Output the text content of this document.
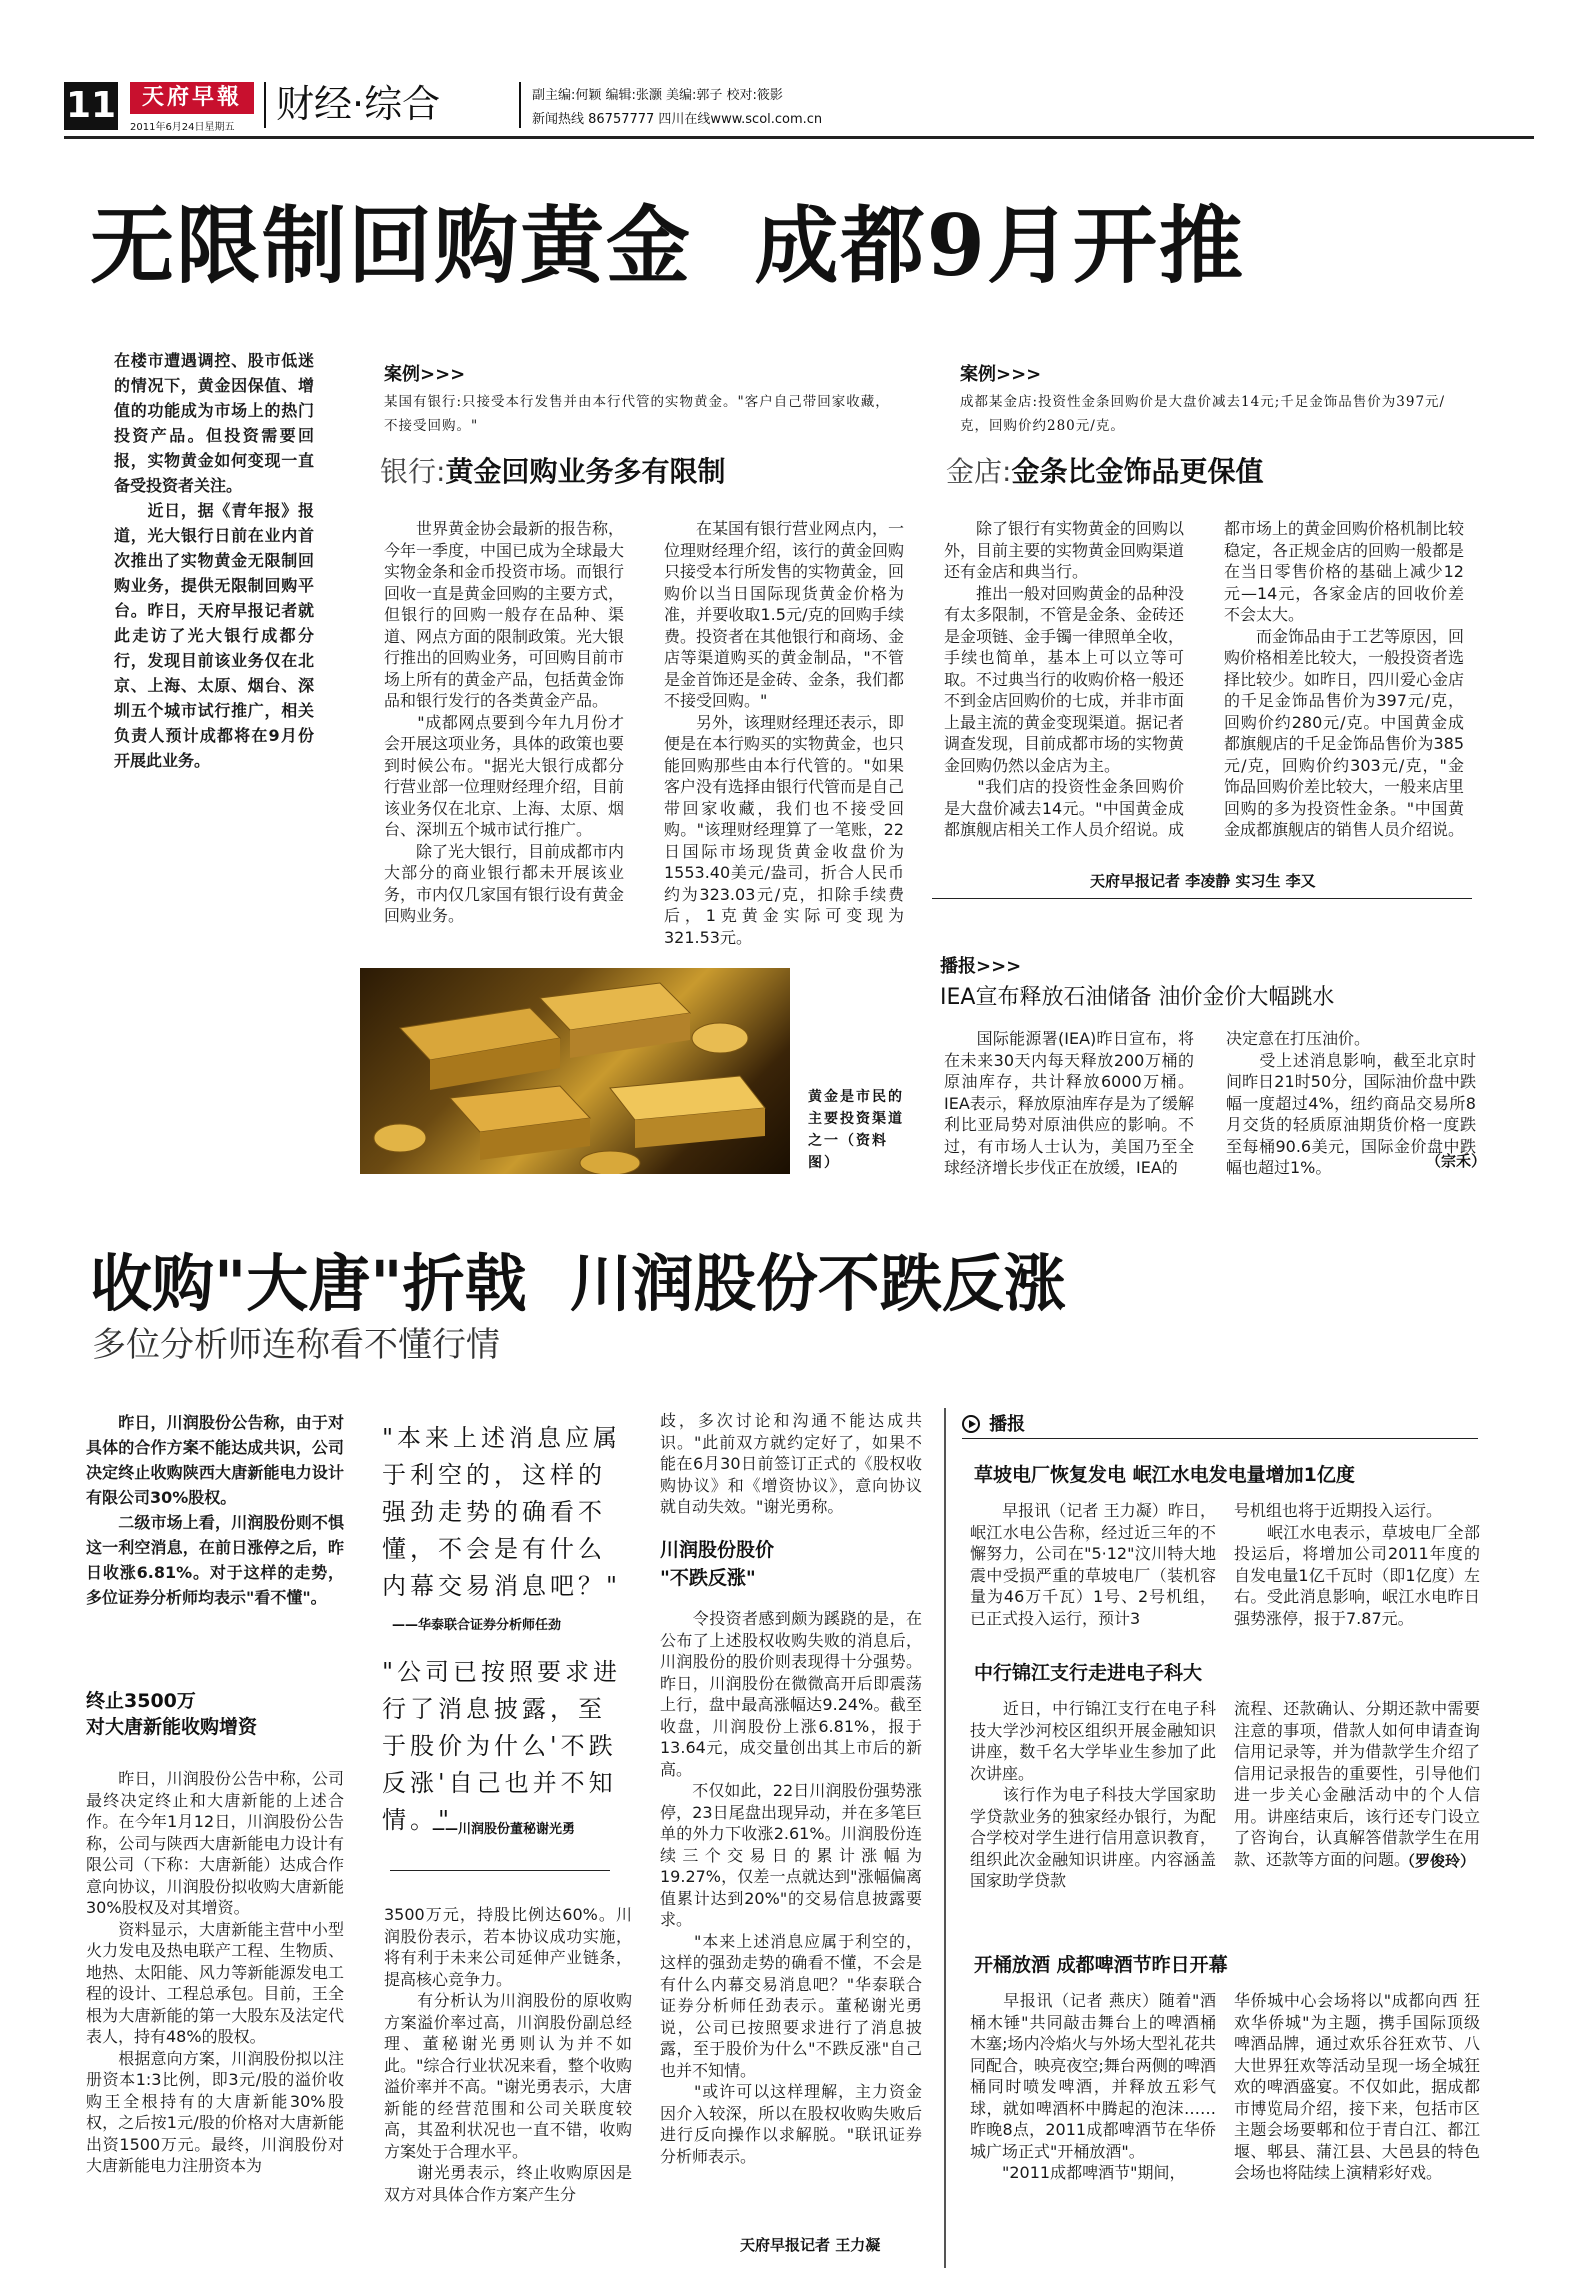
11	天府早報
2011年6月24日星期五
财经·综合	副主编:何颖 编辑:张灏 美编:郭子 校对:筱影
新闻热线 86757777 四川在线www.scol.com.cn
无限制回购黄金  成都9月开推

在楼市遭遇调控、股市低迷的情况下，黄金因保值、增值的功能成为市场上的热门投资产品。但投资需要回报，实物黄金如何变现一直备受投资者关注。
　　近日，据《青年报》报道，光大银行日前在业内首次推出了实物黄金无限制回购业务，提供无限制回购平台。昨日，天府早报记者就此走访了光大银行成都分行，发现目前该业务仅在北京、上海、太原、烟台、深圳五个城市试行推广，相关负责人预计成都将在9月份开展此业务。

案例>>>
某国有银行:只接受本行发售并由本行代管的实物黄金。"客户自己带回家收藏，不接受回购。"
银行:黄金回购业务多有限制

　　世界黄金协会最新的报告称，今年一季度，中国已成为全球最大实物金条和金币投资市场。而银行回收一直是黄金回购的主要方式，但银行的回购一般存在品种、渠道、网点方面的限制政策。光大银行推出的回购业务，可回购目前市场上所有的黄金产品，包括黄金饰品和银行发行的各类黄金产品。
　　"成都网点要到今年九月份才会开展这项业务，具体的政策也要到时候公布。"据光大银行成都分行营业部一位理财经理介绍，目前该业务仅在北京、上海、太原、烟台、深圳五个城市试行推广。
　　除了光大银行，目前成都市内大部分的商业银行都未开展该业务，市内仅几家国有银行设有黄金回购业务。

　　在某国有银行营业网点内，一位理财经理介绍，该行的黄金回购只接受本行所发售的实物黄金，回购价以当日国际现货黄金价格为准，并要收取1.5元/克的回购手续费。投资者在其他银行和商场、金店等渠道购买的黄金制品，"不管是金首饰还是金砖、金条，我们都不接受回购。"
　　另外，该理财经理还表示，即便是在本行购买的实物黄金，也只能回购那些由本行代管的。"如果客户没有选择由银行代管而是自己带回家收藏，我们也不接受回购。"该理财经理算了一笔账，22日国际市场现货黄金收盘价为1553.40美元/盎司，折合人民币约为323.03元/克，扣除手续费后，1克黄金实际可变现为321.53元。

案例>>>
成都某金店:投资性金条回购价是大盘价减去14元;千足金饰品售价为397元/克，回购价约280元/克。
金店:金条比金饰品更保值

　　除了银行有实物黄金的回购以外，目前主要的实物黄金回购渠道还有金店和典当行。
　　推出一般对回购黄金的品种没有太多限制，不管是金条、金砖还是金项链、金手镯一律照单全收，手续也简单，基本上可以立等可取。不过典当行的收购价格一般还不到金店回购价的七成，并非市面上最主流的黄金变现渠道。据记者调查发现，目前成都市场的实物黄金回购仍然以金店为主。
　　"我们店的投资性金条回购价是大盘价减去14元。"中国黄金成都旗舰店相关工作人员介绍说。成

都市场上的黄金回购价格机制比较稳定，各正规金店的回购一般都是在当日零售价格的基础上减少12元—14元，各家金店的回收价差不会太大。
　　而金饰品由于工艺等原因，回购价格相差比较大，一般投资者选择比较少。如昨日，四川爱心金店的千足金饰品售价为397元/克，回购价约280元/克。中国黄金成都旗舰店的千足金饰品售价为385元/克，回购价约303元/克，"金饰品回购价差比较大，一般来店里回购的多为投资性金条。"中国黄金成都旗舰店的销售人员介绍说。

天府早报记者 李凌静 实习生 李又
黄金是市民的主要投资渠道之一（资料图）
播报>>>
IEA宣布释放石油储备 油价金价大幅跳水

　　国际能源署(IEA)昨日宣布，将在未来30天内每天释放200万桶的原油库存，共计释放6000万桶。IEA表示，释放原油库存是为了缓解利比亚局势对原油供应的影响。不过，有市场人士认为，美国乃至全球经济增长步伐正在放缓，IEA的

决定意在打压油价。
　　受上述消息影响，截至北京时间昨日21时50分，国际油价盘中跌幅一度超过4%，纽约商品交易所8月交货的轻质原油期货价格一度跌至每桶90.6美元，国际金价盘中跌幅也超过1%。	（宗禾）
收购"大唐"折戟  川润股份不跌反涨
多位分析师连称看不懂行情

　　昨日，川润股份公告称，由于对具体的合作方案不能达成共识，公司决定终止收购陕西大唐新能电力设计有限公司30%股权。
　　二级市场上看，川润股份则不惧这一利空消息，在前日涨停之后，昨日收涨6.81%。对于这样的走势，多位证券分析师均表示"看不懂"。

终止3500万
对大唐新能收购增资

　　昨日，川润股份公告中称，公司最终决定终止和大唐新能的上述合作。在今年1月12日，川润股份公告称，公司与陕西大唐新能电力设计有限公司（下称：大唐新能）达成合作意向协议，川润股份拟收购大唐新能30%股权及对其增资。
　　资料显示，大唐新能主营中小型火力发电及热电联产工程、生物质、地热、太阳能、风力等新能源发电工程的设计、工程总承包。目前，王全根为大唐新能的第一大股东及法定代表人，持有48%的股权。
　　根据意向方案，川润股份拟以注册资本1:3比例，即3元/股的溢价收购王全根持有的大唐新能30%股权，之后按1元/股的价格对大唐新能出资1500万元。最终，川润股份对大唐新能电力注册资本为

"本来上述消息应属于利空的，这样的强劲走势的确看不懂，不会是有什么内幕交易消息吧？"
——华泰联合证券分析师任劲
"公司已按照要求进行了消息披露，至于股价为什么'不跌反涨'自己也并不知情。"
——川润股份董秘谢光勇

3500万元，持股比例达60%。川润股份表示，若本协议成功实施，将有利于未来公司延伸产业链条，提高核心竞争力。
　　有分析认为川润股份的原收购方案溢价率过高，川润股份副总经理、董秘谢光勇则认为并不如此。"综合行业状况来看，整个收购溢价率并不高。"谢光勇表示，大唐新能的经营范围和公司关联度较高，其盈利状况也一直不错，收购方案处于合理水平。
　　谢光勇表示，终止收购原因是双方对具体合作方案产生分

歧，多次讨论和沟通不能达成共识。"此前双方就约定好了，如果不能在6月30日前签订正式的《股权收购协议》和《增资协议》，意向协议就自动失效。"谢光勇称。

川润股份股价
"不跌反涨"

　　令投资者感到颇为蹊跷的是，在公布了上述股权收购失败的消息后，川润股份的股价则表现得十分强势。昨日，川润股份在微微高开后即震荡上行，盘中最高涨幅达9.24%。截至收盘，川润股份上涨6.81%，报于13.64元，成交量创出其上市后的新高。
　　不仅如此，22日川润股份强势涨停，23日尾盘出现异动，并在多笔巨单的外力下收涨2.61%。川润股份连续三个交易日的累计涨幅为19.27%，仅差一点就达到"涨幅偏离值累计达到20%"的交易信息披露要求。
　　"本来上述消息应属于利空的，这样的强劲走势的确看不懂，不会是有什么内幕交易消息吧？"华泰联合证券分析师任劲表示。董秘谢光勇说，公司已按照要求进行了消息披露，至于股价为什么"不跌反涨"自己也并不知情。
　　"或许可以这样理解，主力资金因介入较深，所以在股权收购失败后进行反向操作以求解脱。"联讯证券分析师表示。

天府早报记者 王力凝
播报
草坡电厂恢复发电 岷江水电发电量增加1亿度

　　早报讯（记者 王力凝）昨日，岷江水电公告称，经过近三年的不懈努力，公司在"5·12"汶川特大地震中受损严重的草坡电厂（装机容量为46万千瓦）1号、2号机组，已正式投入运行，预计3

号机组也将于近期投入运行。
　　岷江水电表示，草坡电厂全部投运后，将增加公司2011年度的自发电量1亿千瓦时（即1亿度）左右。受此消息影响，岷江水电昨日强势涨停，报于7.87元。

中行锦江支行走进电子科大

　　近日，中行锦江支行在电子科技大学沙河校区组织开展金融知识讲座，数千名大学毕业生参加了此次讲座。
　　该行作为电子科技大学国家助学贷款业务的独家经办银行，为配合学校对学生进行信用意识教育，组织此次金融知识讲座。内容涵盖国家助学贷款

流程、还款确认、分期还款中需要注意的事项，借款人如何申请查询信用记录等，并为借款学生介绍了信用记录报告的重要性，引导他们进一步关心金融活动中的个人信用。讲座结束后，该行还专门设立了咨询台，认真解答借款学生在用款、还款等方面的问题。

（罗俊玲）
开桶放酒 成都啤酒节昨日开幕

　　早报讯（记者 燕庆）随着"酒桶木锤"共同敲击舞台上的啤酒桶木塞;场内冷焰火与外场大型礼花共同配合，映亮夜空;舞台两侧的啤酒桶同时喷发啤酒，并释放五彩气球，就如啤酒杯中腾起的泡沫……昨晚8点，2011成都啤酒节在华侨城广场正式"开桶放酒"。
　　"2011成都啤酒节"期间，

华侨城中心会场将以"成都向西 狂欢华侨城"为主题，携手国际顶级啤酒品牌，通过欢乐谷狂欢节、八大世界狂欢等活动呈现一场全城狂欢的啤酒盛宴。不仅如此，据成都市博览局介绍，接下来，包括市区主题会场要郫和位于青白江、都江堰、郫县、蒲江县、大邑县的特色会场也将陆续上演精彩好戏。
